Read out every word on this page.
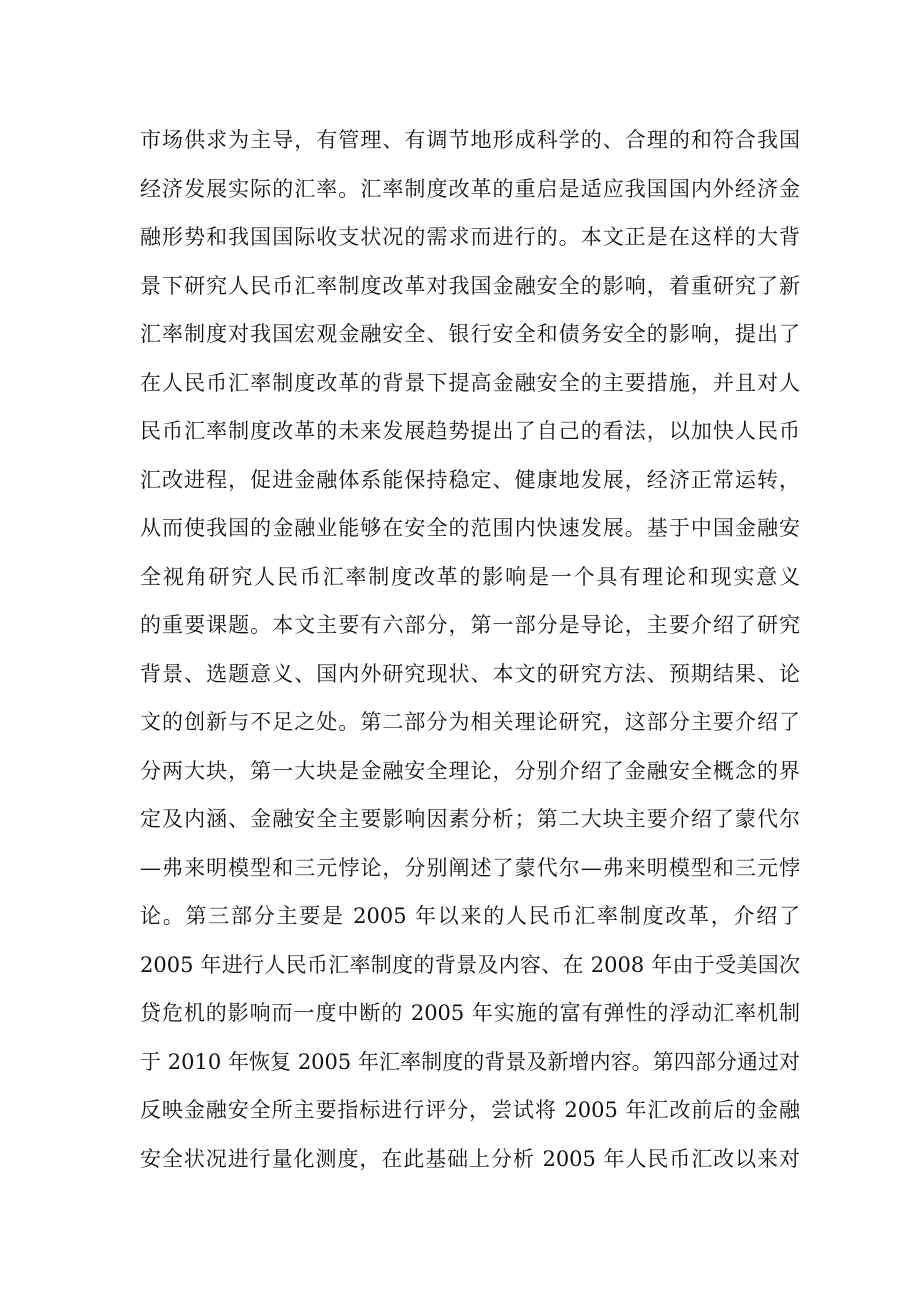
市场供求为主导，有管理、有调节地形成科学的、合理的和符合我国
经济发展实际的汇率。汇率制度改革的重启是适应我国国内外经济金
融形势和我国国际收支状况的需求而进行的。本文正是在这样的大背
景下研究人民币汇率制度改革对我国金融安全的影响，着重研究了新
汇率制度对我国宏观金融安全、银行安全和债务安全的影响，提出了
在人民币汇率制度改革的背景下提高金融安全的主要措施，并且对人
民币汇率制度改革的未来发展趋势提出了自己的看法，以加快人民币
汇改进程，促进金融体系能保持稳定、健康地发展，经济正常运转，
从而使我国的金融业能够在安全的范围内快速发展。基于中国金融安
全视角研究人民币汇率制度改革的影响是一个具有理论和现实意义
的重要课题。本文主要有六部分，第一部分是导论，主要介绍了研究
背景、选题意义、国内外研究现状、本文的研究方法、预期结果、论
文的创新与不足之处。第二部分为相关理论研究，这部分主要介绍了
分两大块，第一大块是金融安全理论，分别介绍了金融安全概念的界
定及内涵、金融安全主要影响因素分析；第二大块主要介绍了蒙代尔
—弗来明模型和三元悖论，分别阐述了蒙代尔—弗来明模型和三元悖
论。第三部分主要是 2005 年以来的人民币汇率制度改革，介绍了
2005 年进行人民币汇率制度的背景及内容、在 2008 年由于受美国次
贷危机的影响而一度中断的 2005 年实施的富有弹性的浮动汇率机制
于 2010 年恢复 2005 年汇率制度的背景及新增内容。第四部分通过对
反映金融安全所主要指标进行评分，尝试将 2005 年汇改前后的金融
安全状况进行量化测度，在此基础上分析 2005 年人民币汇改以来对
